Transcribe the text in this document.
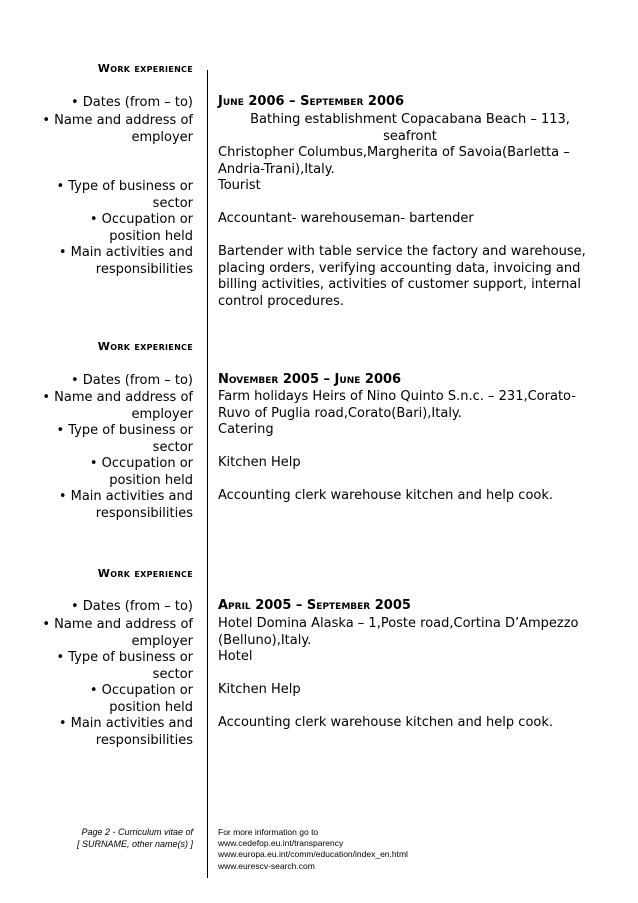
Work experience
• Dates (from – to) June 2006 – September 2006
• Name and address of employer
Bathing establishment Copacabana Beach – 113, seafront
Christopher Columbus,Margherita of Savoia(Barletta – Andria-Trani),Italy.
• Type of business or sector
Tourist
• Occupation or position held
Accountant- warehouseman- bartender
• Main activities and responsibilities
Bartender with table service the factory and warehouse, placing orders, verifying accounting data, invoicing and billing activities, activities of customer support, internal control procedures.
Work experience
• Dates (from – to) November 2005 – June 2006
• Name and address of employer
Farm holidays Heirs of Nino Quinto S.n.c. – 231,Corato-Ruvo of Puglia road,Corato(Bari),Italy.
• Type of business or sector
Catering
• Occupation or position held
Kitchen Help
• Main activities and responsibilities
Accounting clerk warehouse kitchen and help cook.
Work experience
• Dates (from – to) April 2005 – September 2005
• Name and address of employer
Hotel Domina Alaska – 1,Poste road,Cortina D’Ampezzo (Belluno),Italy.
• Type of business or sector
Hotel
• Occupation or position held
Kitchen Help
• Main activities and responsibilities
Accounting clerk warehouse kitchen and help cook.
Page 2 - Curriculum vitae of
[ SURNAME, other name(s) ]
For more information go to
www.cedefop.eu.int/transparency
www.europa.eu.int/comm/education/index_en.html
www.eurescv-search.com
